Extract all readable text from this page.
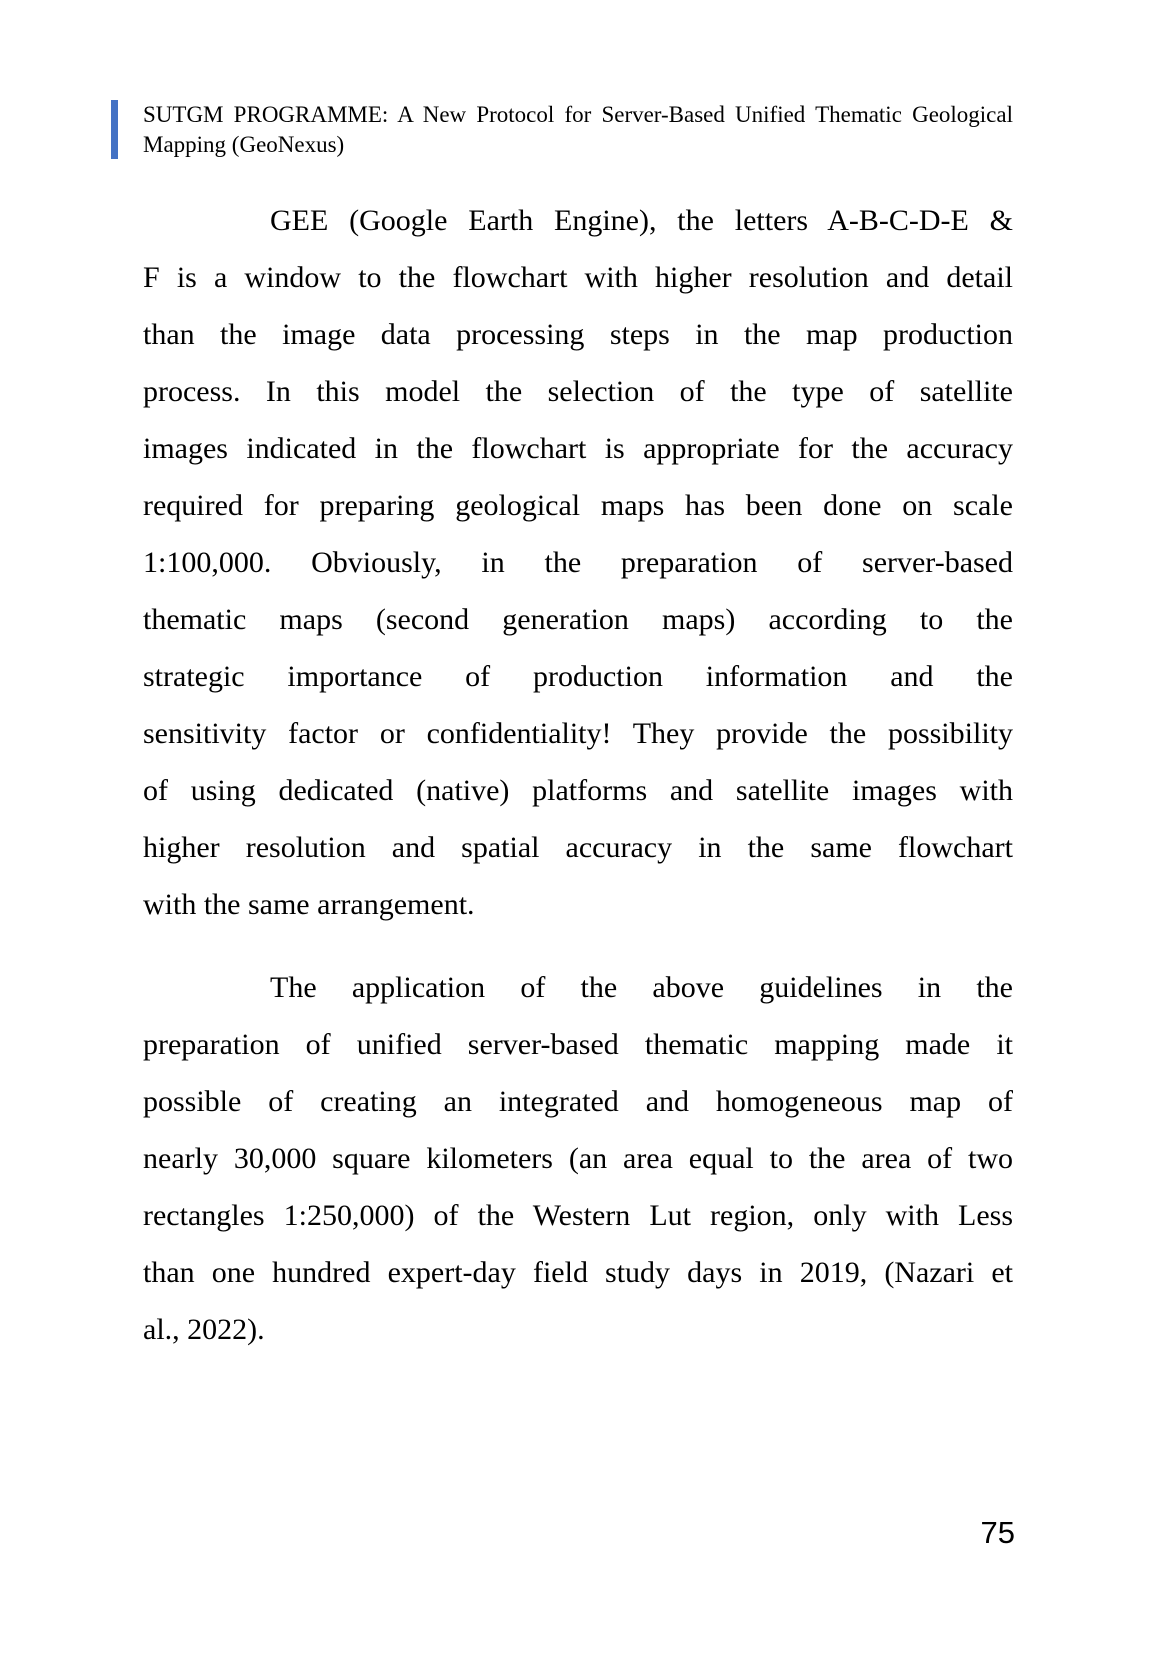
SUTGM PROGRAMME: A New Protocol for Server-Based Unified Thematic Geological
Mapping (GeoNexus)
GEE (Google Earth Engine), the letters A-B-C-D-E &
F is a window to the flowchart with higher resolution and detail
than the image data processing steps in the map production
process. In this model the selection of the type of satellite
images indicated in the flowchart is appropriate for the accuracy
required for preparing geological maps has been done on scale
1:100,000. Obviously, in the preparation of server-based
thematic maps (second generation maps) according to the
strategic importance of production information and the
sensitivity factor or confidentiality! They provide the possibility
of using dedicated (native) platforms and satellite images with
higher resolution and spatial accuracy in the same flowchart
with the same arrangement.
The application of the above guidelines in the
preparation of unified server-based thematic mapping made it
possible of creating an integrated and homogeneous map of
nearly 30,000 square kilometers (an area equal to the area of two
rectangles 1:250,000) of the Western Lut region, only with Less
than one hundred expert-day field study days in 2019, (Nazari et
al., 2022).
75
